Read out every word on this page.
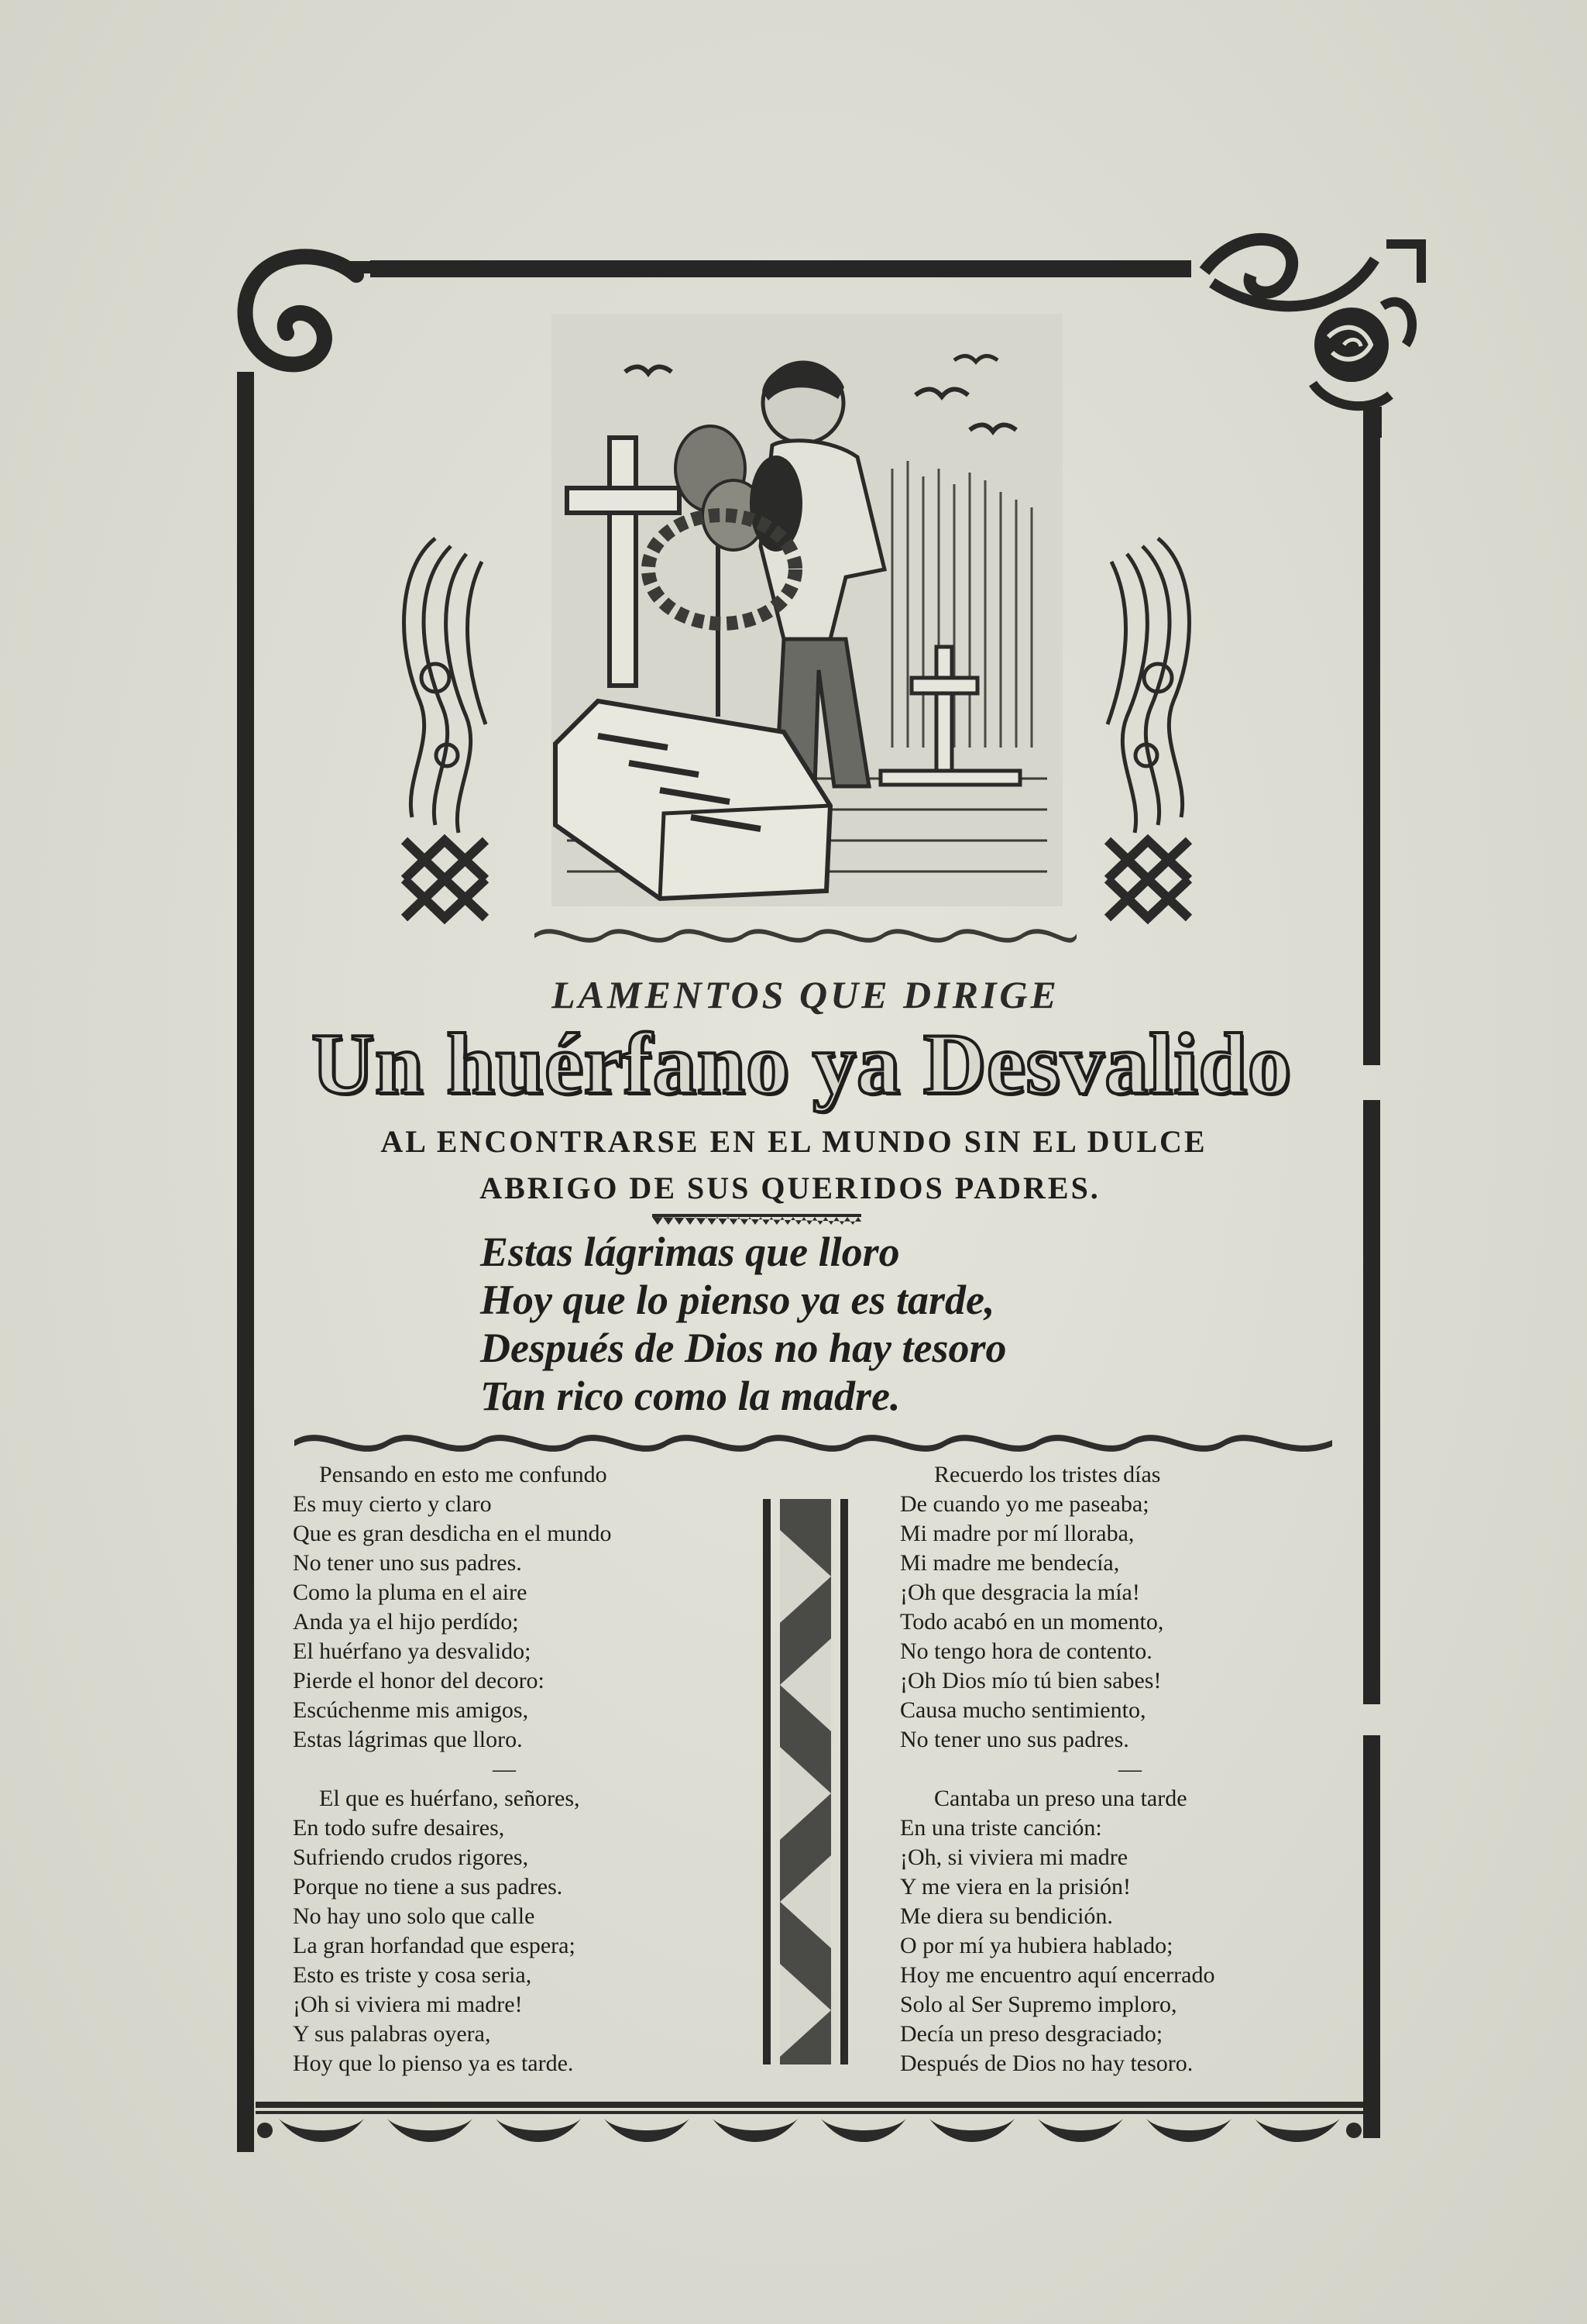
LAMENTOS QUE DIRIGE
Un huérfano ya Desvalido
AL ENCONTRARSE EN EL MUNDO SIN EL DULCE
ABRIGO DE SUS QUERIDOS PADRES.
Estas lágrimas que lloro
Hoy que lo pienso ya es tarde,
Después de Dios no hay tesoro
Tan rico como la madre.
Pensando en esto me confundo
Es muy cierto y claro
Que es gran desdicha en el mundo
No tener uno sus padres.
Como la pluma en el aire
Anda ya el hijo perdído;
El huérfano ya desvalido;
Pierde el honor del decoro:
Escúchenme mis amigos,
Estas lágrimas que lloro.
—
El que es huérfano, señores,
En todo sufre desaires,
Sufriendo crudos rigores,
Porque no tiene a sus padres.
No hay uno solo que calle
La gran horfandad que espera;
Esto es triste y cosa seria,
¡Oh si viviera mi madre!
Y sus palabras oyera,
Hoy que lo pienso ya es tarde.
Recuerdo los tristes días
De cuando yo me paseaba;
Mi madre por mí lloraba,
Mi madre me bendecía,
¡Oh que desgracia la mía!
Todo acabó en un momento,
No tengo hora de contento.
¡Oh Dios mío tú bien sabes!
Causa mucho sentimiento,
No tener uno sus padres.
—
Cantaba un preso una tarde
En una triste canción:
¡Oh, si viviera mi madre
Y me viera en la prisión!
Me diera su bendición.
O por mí ya hubiera hablado;
Hoy me encuentro aquí encerrado
Solo al Ser Supremo imploro,
Decía un preso desgraciado;
Después de Dios no hay tesoro.
